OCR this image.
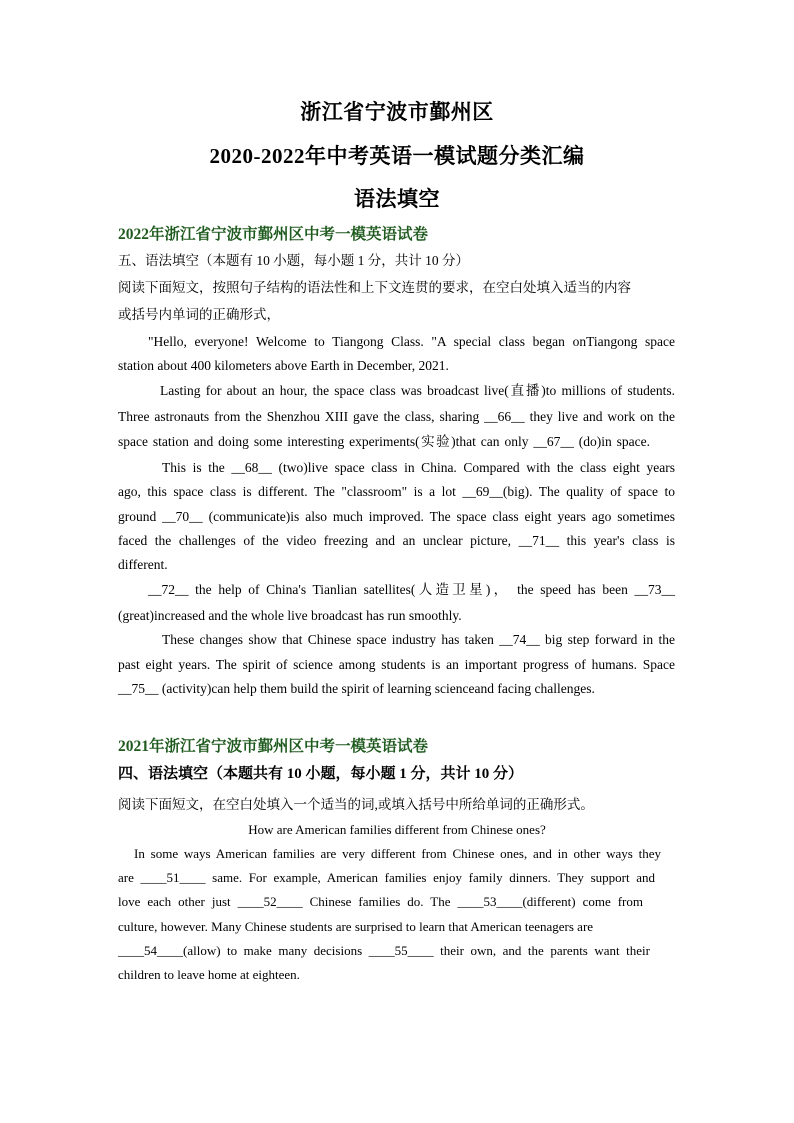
浙江省宁波市鄞州区
2020-2022年中考英语一模试题分类汇编
语法填空
2022年浙江省宁波市鄞州区中考一模英语试卷
五、语法填空（本题有 10 小题，每小题 1 分，共计 10 分）
阅读下面短文，按照句子结构的语法性和上下文连贯的要求，在空白处填入适当的内容
或括号内单词的正确形式，
"Hello, everyone! Welcome to Tiangong Class. "A special class began onTiangong space
station about 400 kilometers above Earth in December, 2021.
Lasting for about an hour, the space class was broadcast live(直播)to millions of students.
Three astronauts from the Shenzhou XIII gave the class, sharing __66__ they live and work on the
space station and doing some interesting experiments(实验)that can only __67__ (do)in space.
This is the __68__ (two)live space class in China. Compared with the class eight years
ago, this space class is different. The "classroom" is a lot __69__(big). The quality of space to
ground __70__ (communicate)is also much improved. The space class eight years ago sometimes
faced the challenges of the video freezing and an unclear picture, __71__ this year's class is
different.
__72__ the help of China's Tianlian satellites(人造卫星)， the speed has been __73__
(great)increased and the whole live broadcast has run smoothly.
These changes show that Chinese space industry has taken __74__ big step forward in the
past eight years. The spirit of science among students is an important progress of humans. Space
__75__ (activity)can help them build the spirit of learning scienceand facing challenges.
2021年浙江省宁波市鄞州区中考一模英语试卷
四、语法填空（本题共有 10 小题，每小题 1 分，共计 10 分）
阅读下面短文，在空白处填入一个适当的词,或填入括号中所给单词的正确形式。
How are American families different from Chinese ones?
In some ways American families are very different from Chinese ones, and in other ways they
are ____51____ same. For example, American families enjoy family dinners. They support and
love each other just ____52____ Chinese families do. The ____53____(different) come from
culture, however. Many Chinese students are surprised to learn that American teenagers are
____54____(allow) to make many decisions ____55____ their own, and the parents want their
children to leave home at eighteen.
